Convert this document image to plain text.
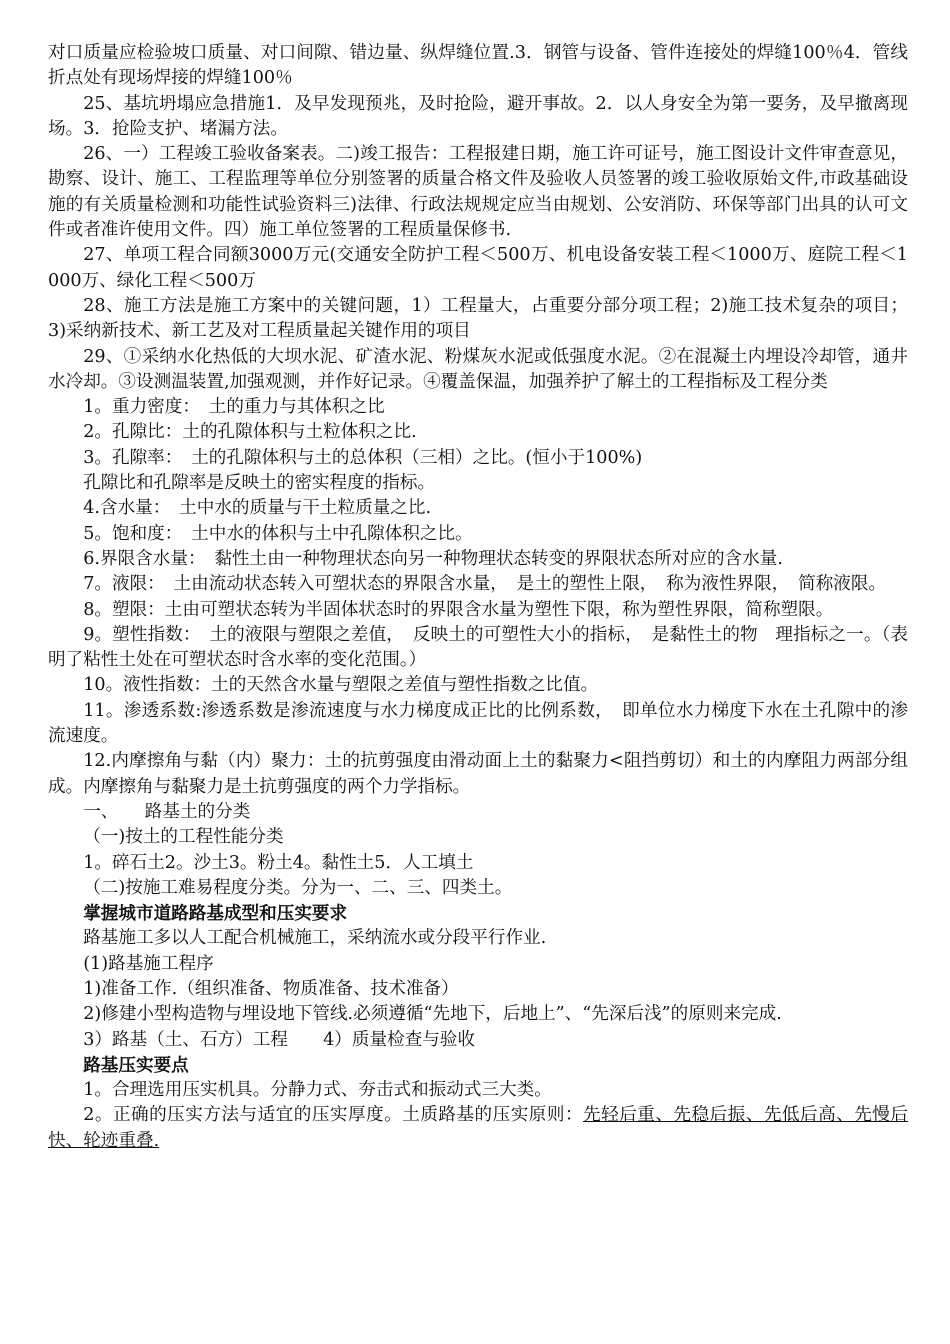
对口质量应检验坡口质量、对口间隙、错边量、纵焊缝位置.3．钢管与设备、管件连接处的焊缝100％4．管线折点处有现场焊接的焊缝100％

25、基坑坍塌应急措施1．及早发现预兆，及时抢险，避开事故。2．以人身安全为第一要务，及早撤离现场。3．抢险支护、堵漏方法。

26、一）工程竣工验收备案表。二)竣工报告：工程报建日期，施工许可证号，施工图设计文件审查意见，勘察、设计、施工、工程监理等单位分别签署的质量合格文件及验收人员签署的竣工验收原始文件,市政基础设施的有关质量检测和功能性试验资料三)法律、行政法规规定应当由规划、公安消防、环保等部门出具的认可文件或者准许使用文件。四）施工单位签署的工程质量保修书.

27、单项工程合同额3000万元(交通安全防护工程＜500万、机电设备安装工程＜1000万、庭院工程＜1000万、绿化工程＜500万

28、施工方法是施工方案中的关键问题，1）工程量大，占重要分部分项工程；2)施工技术复杂的项目；3)采纳新技术、新工艺及对工程质量起关键作用的项目

29、①采纳水化热低的大坝水泥、矿渣水泥、粉煤灰水泥或低强度水泥。②在混凝土内埋设冷却管，通井水冷却。③设测温装置,加强观测，并作好记录。④覆盖保温，加强养护了解土的工程指标及工程分类

1。重力密度：　土的重力与其体积之比

2。孔隙比：土的孔隙体积与土粒体积之比.

3。孔隙率：　土的孔隙体积与土的总体积（三相）之比。(恒小于100%)

孔隙比和孔隙率是反映土的密实程度的指标。

4.含水量：　土中水的质量与干土粒质量之比.

5。饱和度：　土中水的体积与土中孔隙体积之比。

6.界限含水量：　黏性土由一种物理状态向另一种物理状态转变的界限状态所对应的含水量.

7。液限：　土由流动状态转入可塑状态的界限含水量，　是土的塑性上限，　称为液性界限，　简称液限。

8。塑限：土由可塑状态转为半固体状态时的界限含水量为塑性下限，称为塑性界限，简称塑限。

9。塑性指数：　土的液限与塑限之差值，　反映土的可塑性大小的指标，　是黏性土的物　理指标之一。（表明了粘性土处在可塑状态时含水率的变化范围。）

10。液性指数：土的天然含水量与塑限之差值与塑性指数之比值。

11。渗透系数:渗透系数是渗流速度与水力梯度成正比的比例系数，　即单位水力梯度下水在土孔隙中的渗流速度。

12.内摩擦角与黏（内）聚力：土的抗剪强度由滑动面上土的黏聚力<阻挡剪切）和土的内摩阻力两部分组成。内摩擦角与黏聚力是土抗剪强度的两个力学指标。

一、　　路基土的分类

（一)按土的工程性能分类

1。碎石土2。沙土3。粉土4。黏性土5．人工填土

（二)按施工难易程度分类。分为一、二、三、四类土。

掌握城市道路路基成型和压实要求

路基施工多以人工配合机械施工，采纳流水或分段平行作业.

(1)路基施工程序

1)准备工作.（组织准备、物质准备、技术准备）

2)修建小型构造物与埋设地下管线.必须遵循“先地下，后地上”、“先深后浅”的原则来完成.

3）路基（土、石方）工程　　4）质量检查与验收

路基压实要点

1。合理选用压实机具。分静力式、夯击式和振动式三大类。

2。正确的压实方法与适宜的压实厚度。土质路基的压实原则：先轻后重、先稳后振、先低后高、先慢后快、轮迹重叠.
